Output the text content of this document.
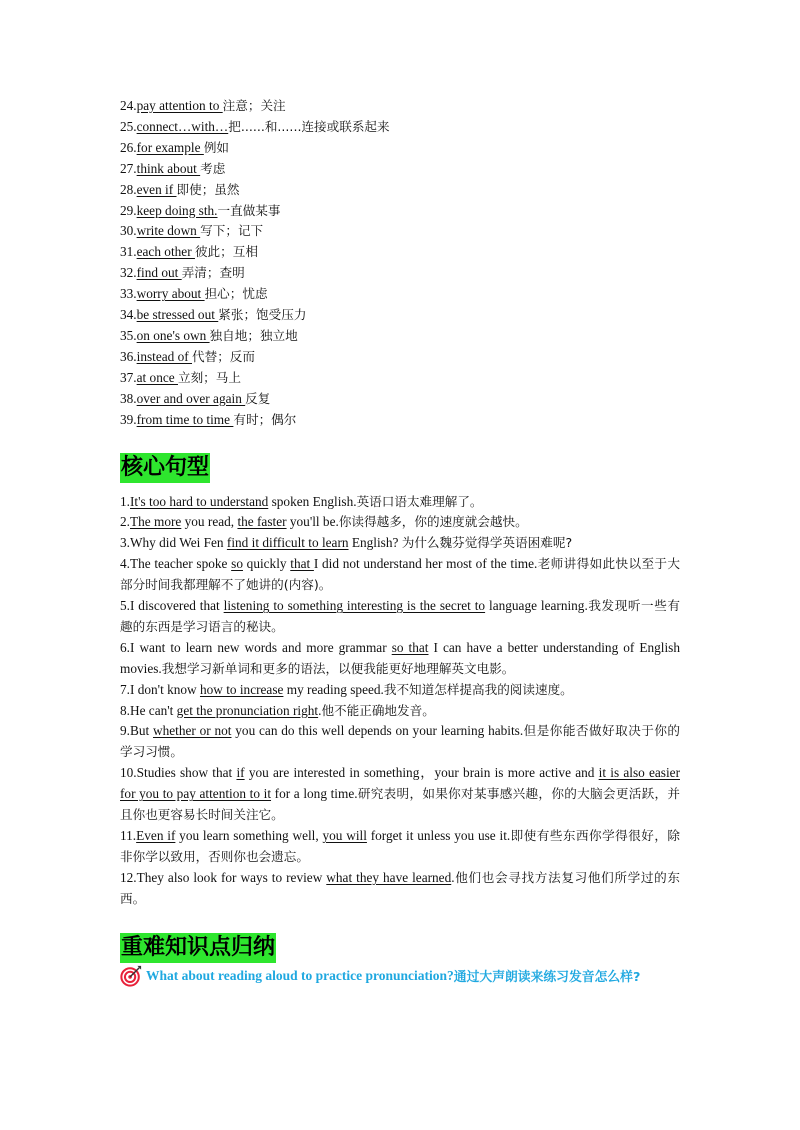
24.pay attention to 注意；关注
25.connect…with…把......和......连接或联系起来
26.for example 例如
27.think about 考虑
28.even if 即使；虽然
29.keep doing sth.一直做某事
30.write down 写下；记下
31.each other 彼此；互相
32.find out 弄清；查明
33.worry about 担心；忧虑
34.be stressed out 紧张；饱受压力
35.on one's own 独自地；独立地
36.instead of 代替；反而
37.at once 立刻；马上
38.over and over again 反复
39.from time to time 有时；偶尔
核心句型
1.It's too hard to understand spoken English.英语口语太难理解了。
2.The more you read, the faster you'll be.你读得越多，你的速度就会越快。
3.Why did Wei Fen find it difficult to learn English? 为什么魏芬觉得学英语困难呢?
4.The teacher spoke so quickly that I did not understand her most of the time.老师讲得如此快以至于大部分时间我都理解不了她讲的(内容)。
5.I discovered that listening to something interesting is the secret to language learning.我发现听一些有趣的东西是学习语言的秘诀。
6.I want to learn new words and more grammar so that I can have a better understanding of English movies.我想学习新单词和更多的语法，以便我能更好地理解英文电影。
7.I don't know how to increase my reading speed.我不知道怎样提高我的阅读速度。
8.He can't get the pronunciation right.他不能正确地发音。
9.But whether or not you can do this well depends on your learning habits.但是你能否做好取决于你的学习习惯。
10.Studies show that if you are interested in something，your brain is more active and it is also easier for you to pay attention to it for a long time.研究表明，如果你对某事感兴趣，你的大脑会更活跃，并且你也更容易长时间关注它。
11.Even if you learn something well, you will forget it unless you use it.即使有些东西你学得很好，除非你学以致用，否则你也会遗忘。
12.They also look for ways to review what they have learned.他们也会寻找方法复习他们所学过的东西。
重难知识点归纳
What about reading aloud to practice pronunciation? 通过大声朗读来练习发音怎么样?
